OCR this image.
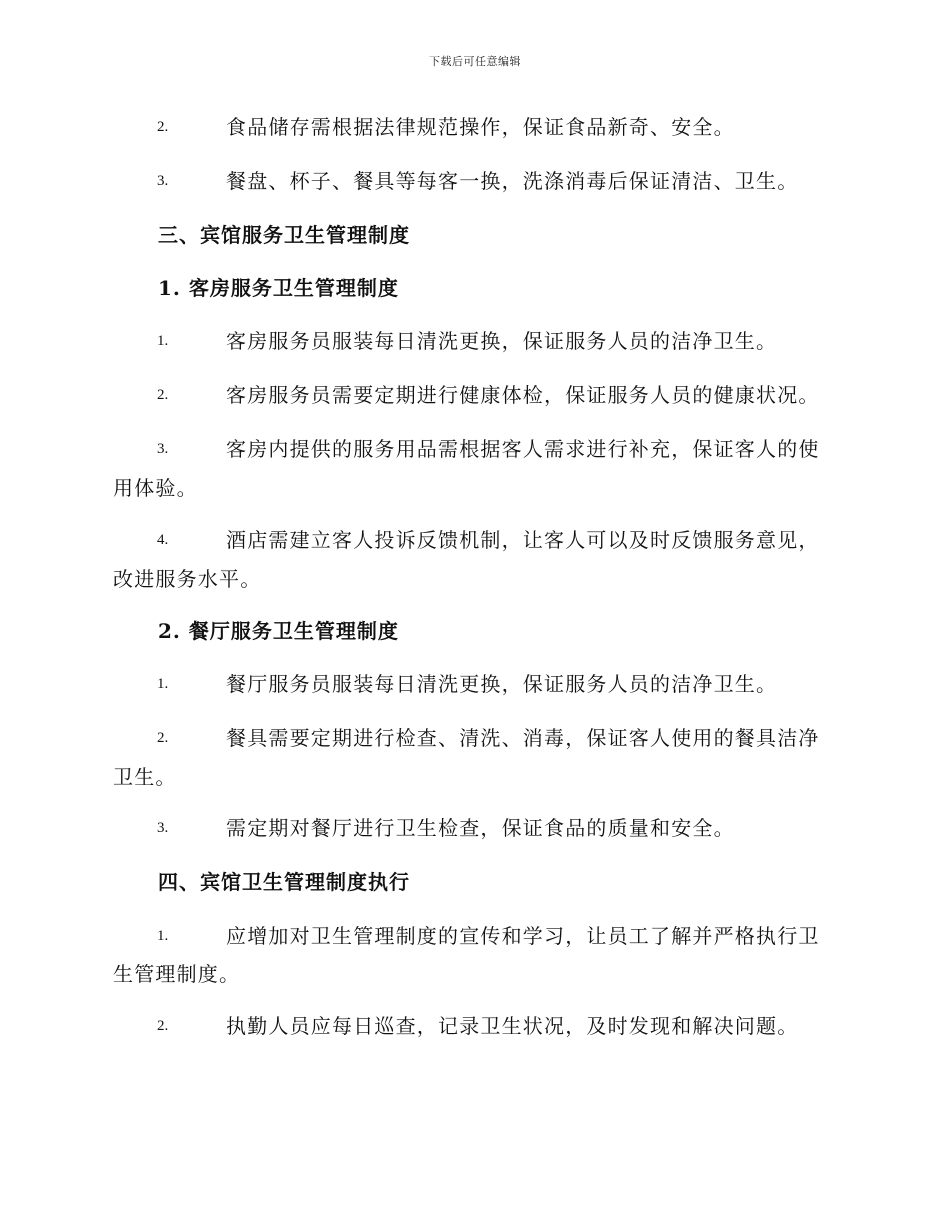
下载后可任意编辑
2.	食品储存需根据法律规范操作，保证食品新奇、安全。
3.	餐盘、杯子、餐具等每客一换，洗涤消毒后保证清洁、卫生。
三、宾馆服务卫生管理制度
1. 客房服务卫生管理制度
1.	客房服务员服装每日清洗更换，保证服务人员的洁净卫生。
2.	客房服务员需要定期进行健康体检，保证服务人员的健康状况。
3.	客房内提供的服务用品需根据客人需求进行补充，保证客人的使
用体验。
4.	酒店需建立客人投诉反馈机制，让客人可以及时反馈服务意见，
改进服务水平。
2. 餐厅服务卫生管理制度
1.	餐厅服务员服装每日清洗更换，保证服务人员的洁净卫生。
2.	餐具需要定期进行检查、清洗、消毒，保证客人使用的餐具洁净
卫生。
3.	需定期对餐厅进行卫生检查，保证食品的质量和安全。
四、宾馆卫生管理制度执行
1.	应增加对卫生管理制度的宣传和学习，让员工了解并严格执行卫
生管理制度。
2.	执勤人员应每日巡查，记录卫生状况，及时发现和解决问题。
